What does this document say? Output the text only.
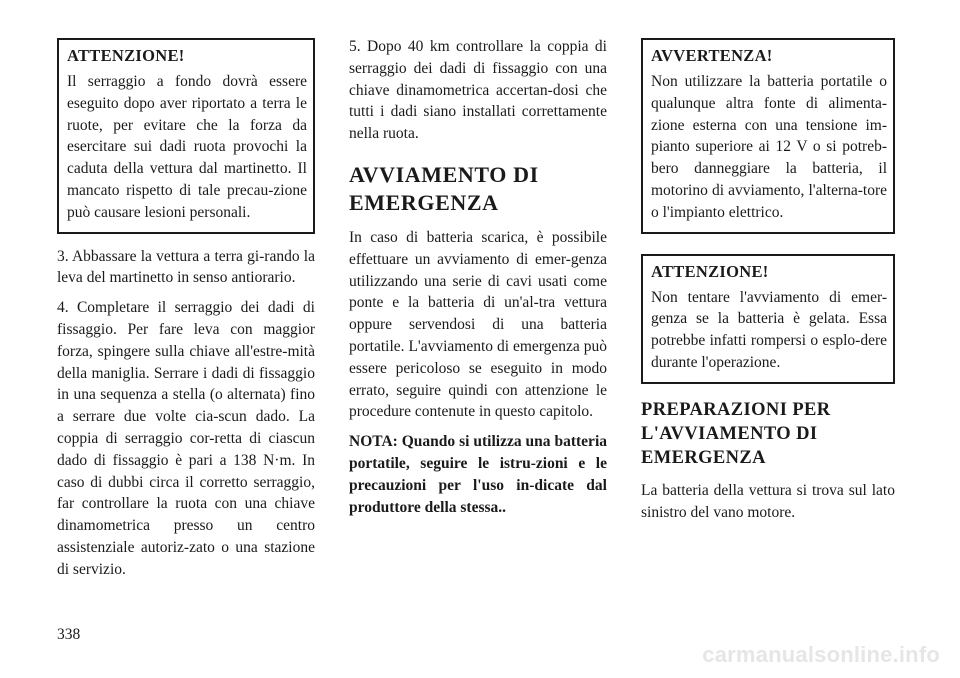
ATTENZIONE!
Il serraggio a fondo dovrà essere eseguito dopo aver riportato a terra le ruote, per evitare che la forza da esercitare sui dadi ruota provochi la caduta della vettura dal martinetto. Il mancato rispetto di tale precau-zione può causare lesioni personali.

3. Abbassare la vettura a terra gi-rando la leva del martinetto in senso antiorario.

4. Completare il serraggio dei dadi di fissaggio. Per fare leva con maggior forza, spingere sulla chiave all'estre-mità della maniglia. Serrare i dadi di fissaggio in una sequenza a stella (o alternata) fino a serrare due volte cia-scun dado. La coppia di serraggio cor-retta di ciascun dado di fissaggio è pari a 138 N·m. In caso di dubbi circa il corretto serraggio, far controllare la ruota con una chiave dinamometrica presso un centro assistenziale autoriz-zato o una stazione di servizio.

5. Dopo 40 km controllare la coppia di serraggio dei dadi di fissaggio con una chiave dinamometrica accertan-dosi che tutti i dadi siano installati correttamente nella ruota.

AVVIAMENTO DI EMERGENZA

In caso di batteria scarica, è possibile effettuare un avviamento di emer-genza utilizzando una serie di cavi usati come ponte e la batteria di un'al-tra vettura oppure servendosi di una batteria portatile. L'avviamento di emergenza può essere pericoloso se eseguito in modo errato, seguire quindi con attenzione le procedure contenute in questo capitolo.

NOTA: Quando si utilizza una batteria portatile, seguire le istru-zioni e le precauzioni per l'uso in-dicate dal produttore della stessa..

AVVERTENZA!
Non utilizzare la batteria portatile o qualunque altra fonte di alimenta-zione esterna con una tensione im-pianto superiore ai 12 V o si potreb-bero danneggiare la batteria, il motorino di avviamento, l'alterna-tore o l'impianto elettrico.
ATTENZIONE!
Non tentare l'avviamento di emer-genza se la batteria è gelata. Essa potrebbe infatti rompersi o esplo-dere durante l'operazione.
PREPARAZIONI PER L'AVVIAMENTO DI EMERGENZA

La batteria della vettura si trova sul lato sinistro del vano motore.

338
carmanualsonline.info
